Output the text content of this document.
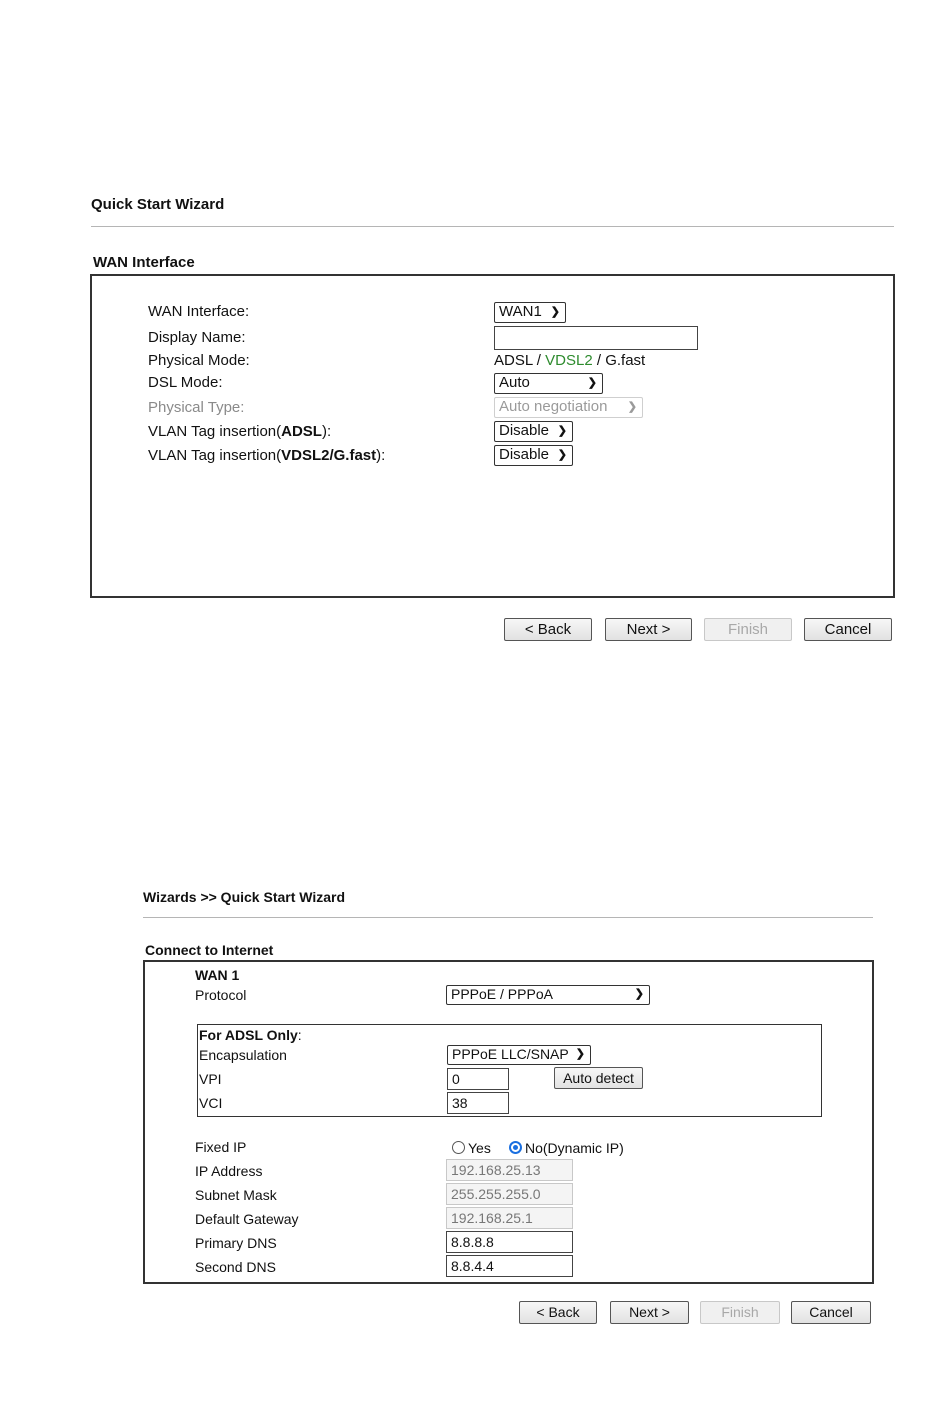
Quick Start Wizard
WAN Interface
WAN Interface:	WAN1 ❯
Display Name:
Physical Mode:	ADSL / VDSL2 / G.fast
DSL Mode:	Auto	❯
Physical Type:	Auto negotiation ❯
VLAN Tag insertion(ADSL):	Disable ❯
VLAN Tag insertion(VDSL2/G.fast):	Disable ❯
< Back	Next >	Finish	Cancel
Wizards >> Quick Start Wizard
Connect to Internet
WAN 1
Protocol	PPPoE / PPPoA	❯
For ADSL Only:
Encapsulation	PPPoE LLC/SNAP ❯
VPI	0	Auto detect
VCI	38
Fixed IP	Yes No(Dynamic IP)
IP Address	192.168.25.13
Subnet Mask	255.255.255.0
Default Gateway	192.168.25.1
Primary DNS	8.8.8.8
Second DNS	8.8.4.4
< Back	Next >	Finish	Cancel
